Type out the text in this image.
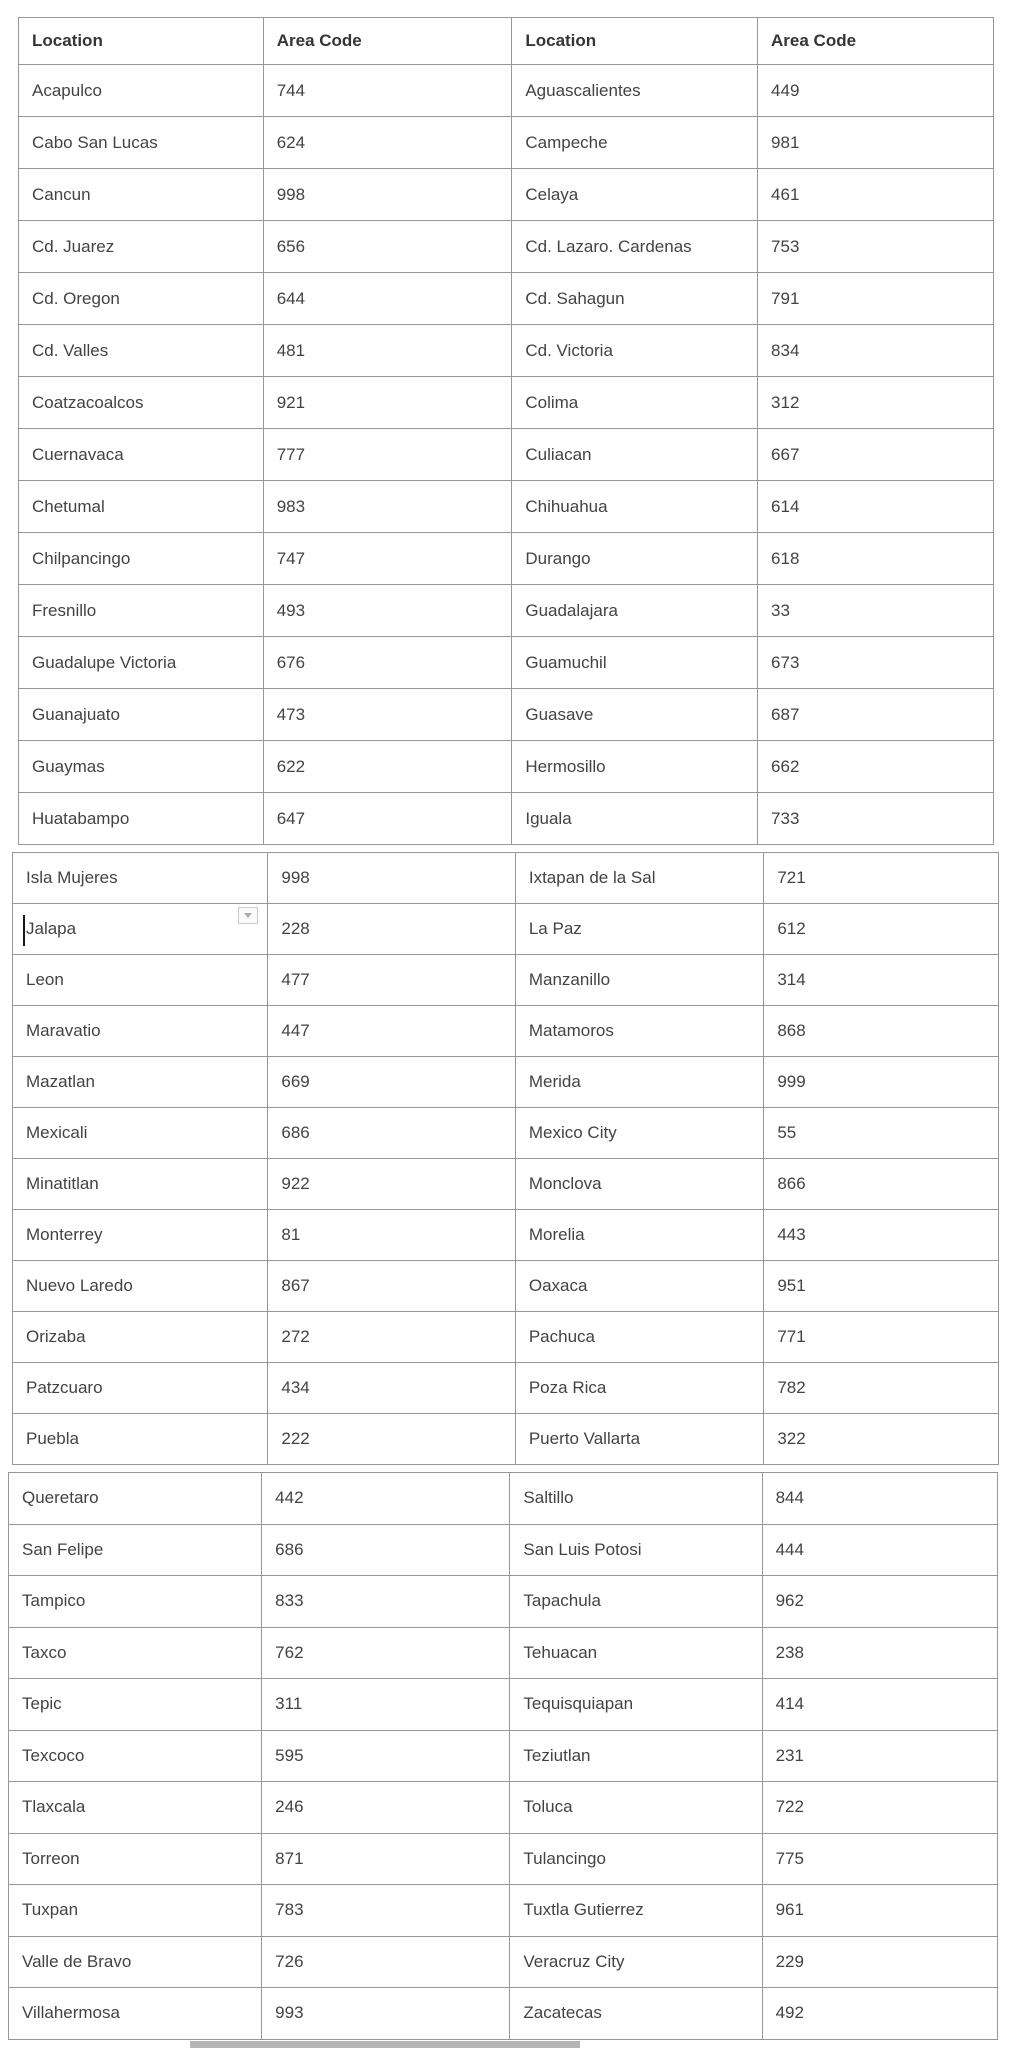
Location	Area Code	Location	Area Code
Acapulco	744	Aguascalientes	449
Cabo San Lucas	624	Campeche	981
Cancun	998	Celaya	461
Cd. Juarez	656	Cd. Lazaro. Cardenas	753
Cd. Oregon	644	Cd. Sahagun	791
Cd. Valles	481	Cd. Victoria	834
Coatzacoalcos	921	Colima	312
Cuernavaca	777	Culiacan	667
Chetumal	983	Chihuahua	614
Chilpancingo	747	Durango	618
Fresnillo	493	Guadalajara	33
Guadalupe Victoria	676	Guamuchil	673
Guanajuato	473	Guasave	687
Guaymas	622	Hermosillo	662
Huatabampo	647	Iguala	733
Isla Mujeres	998	Ixtapan de la Sal	721

Jalapa	228	La Paz	612
Leon	477	Manzanillo	314
Maravatio	447	Matamoros	868
Mazatlan	669	Merida	999
Mexicali	686	Mexico City	55
Minatitlan	922	Monclova	866
Monterrey	81	Morelia	443
Nuevo Laredo	867	Oaxaca	951
Orizaba	272	Pachuca	771
Patzcuaro	434	Poza Rica	782
Puebla	222	Puerto Vallarta	322
Queretaro	442	Saltillo	844
San Felipe	686	San Luis Potosi	444
Tampico	833	Tapachula	962
Taxco	762	Tehuacan	238
Tepic	311	Tequisquiapan	414
Texcoco	595	Teziutlan	231
Tlaxcala	246	Toluca	722
Torreon	871	Tulancingo	775
Tuxpan	783	Tuxtla Gutierrez	961
Valle de Bravo	726	Veracruz City	229
Villahermosa	993	Zacatecas	492
